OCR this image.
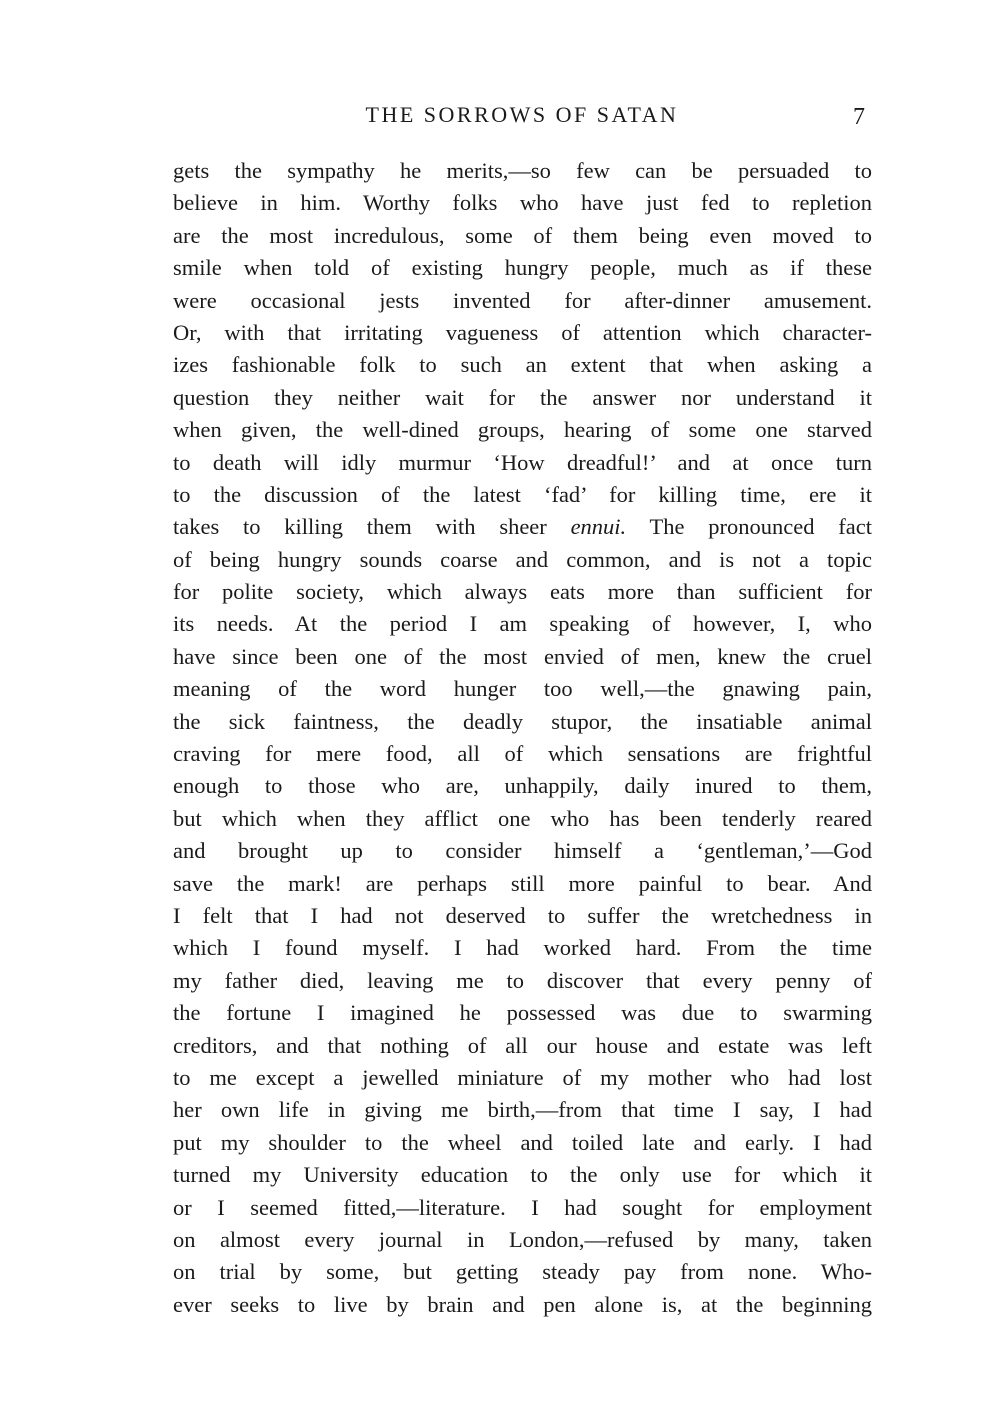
THE SORROWS OF SATAN	7
gets the sympathy he merits,—so few can be persuaded to
believe in him. Worthy folks who have just fed to repletion
are the most incredulous, some of them being even moved to
smile when told of existing hungry people, much as if these
were occasional jests invented for after-dinner amusement.
Or, with that irritating vagueness of attention which character-
izes fashionable folk to such an extent that when asking a
question they neither wait for the answer nor understand it
when given, the well-dined groups, hearing of some one starved
to death will idly murmur ‘How dreadful!’ and at once turn
to the discussion of the latest ‘fad’ for killing time, ere it
takes to killing them with sheer ennui. The pronounced fact
of being hungry sounds coarse and common, and is not a topic
for polite society, which always eats more than sufficient for
its needs. At the period I am speaking of however, I, who
have since been one of the most envied of men, knew the cruel
meaning of the word hunger too well,—the gnawing pain,
the sick faintness, the deadly stupor, the insatiable animal
craving for mere food, all of which sensations are frightful
enough to those who are, unhappily, daily inured to them,
but which when they afflict one who has been tenderly reared
and brought up to consider himself a ‘gentleman,’—God
save the mark! are perhaps still more painful to bear. And
I felt that I had not deserved to suffer the wretchedness in
which I found myself. I had worked hard. From the time
my father died, leaving me to discover that every penny of
the fortune I imagined he possessed was due to swarming
creditors, and that nothing of all our house and estate was left
to me except a jewelled miniature of my mother who had lost
her own life in giving me birth,—from that time I say, I had
put my shoulder to the wheel and toiled late and early. I had
turned my University education to the only use for which it
or I seemed fitted,—literature. I had sought for employment
on almost every journal in London,—refused by many, taken
on trial by some, but getting steady pay from none. Who-
ever seeks to live by brain and pen alone is, at the beginning
